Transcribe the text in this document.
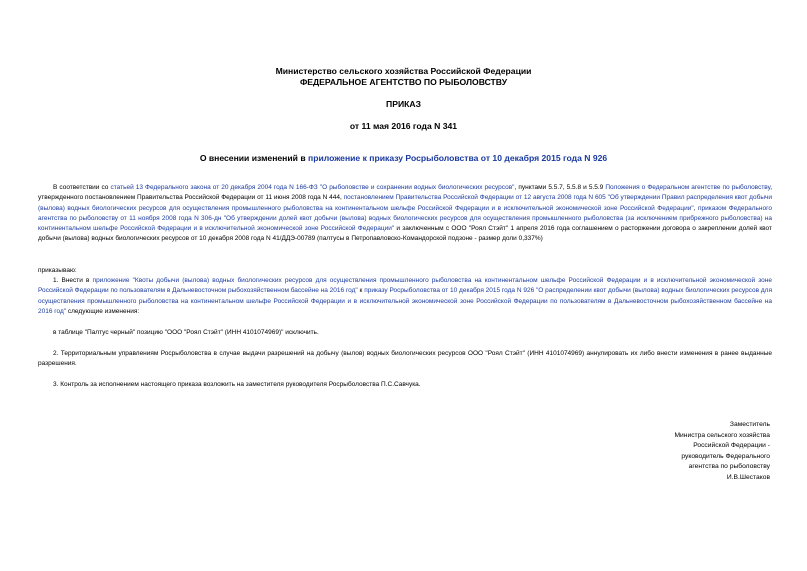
Министерство сельского хозяйства Российской Федерации
ФЕДЕРАЛЬНОЕ АГЕНТСТВО ПО РЫБОЛОВСТВУ
ПРИКАЗ
от 11 мая 2016 года N 341
О внесении изменений в приложение к приказу Росрыболовства от 10 декабря 2015 года N 926
В соответствии со статьей 13 Федерального закона от 20 декабря 2004 года N 166-ФЗ "О рыболовстве и сохранении водных биологических ресурсов", пунктами 5.5.7, 5.5.8 и 5.5.9 Положения о Федеральном агентстве по рыболовству, утвержденного постановлением Правительства Российской Федерации от 11 июня 2008 года N 444, постановлением Правительства Российской Федерации от 12 августа 2008 года N 605 "Об утверждении Правил распределения квот добычи (вылова) водных биологических ресурсов для осуществления промышленного рыболовства на континентальном шельфе Российской Федерации и в исключительной экономической зоне Российской Федерации", приказом Федерального агентства по рыболовству от 11 ноября 2008 года N 306-дн "Об утверждении долей квот добычи (вылова) водных биологических ресурсов для осуществления промышленного рыболовства (за исключением прибрежного рыболовства) на континентальном шельфе Российской Федерации и в исключительной экономической зоне Российской Федерации" и заключенным с ООО "Роял Стэйт" 1 апреля 2016 года соглашением о расторжении договора о закреплении долей квот добычи (вылова) водных биологических ресурсов от 10 декабря 2008 года N 41/ДДЭ-00789 (палтусы в Петропавловско-Командорской подзоне - размер доли 0,337%)
приказываю:
1. Внести в приложение "Квоты добычи (вылова) водных биологических ресурсов для осуществления промышленного рыболовства на континентальном шельфе Российской Федерации и в исключительной экономической зоне Российской Федерации по пользователям в Дальневосточном рыбохозяйственном бассейне на 2016 год" к приказу Росрыболовства от 10 декабря 2015 года N 926 "О распределении квот добычи (вылова) водных биологических ресурсов для осуществления промышленного рыболовства на континентальном шельфе Российской Федерации и в исключительной экономической зоне Российской Федерации по пользователям в Дальневосточном рыбохозяйственном бассейне на 2016 год" следующие изменения:
в таблице "Палтус черный" позицию "ООО "Роял Стэйт" (ИНН 4101074969)" исключить.
2. Территориальным управлениям Росрыболовства в случае выдачи разрешений на добычу (вылов) водных биологических ресурсов ООО "Роял Стэйт" (ИНН 4101074969) аннулировать их либо внести изменения в ранее выданные разрешения.
3. Контроль за исполнением настоящего приказа возложить на заместителя руководителя Росрыболовства П.С.Савчука.
Заместитель
Министра сельского хозяйства
Российской Федерации -
руководитель Федерального
агентства по рыболовству
И.В.Шестаков
